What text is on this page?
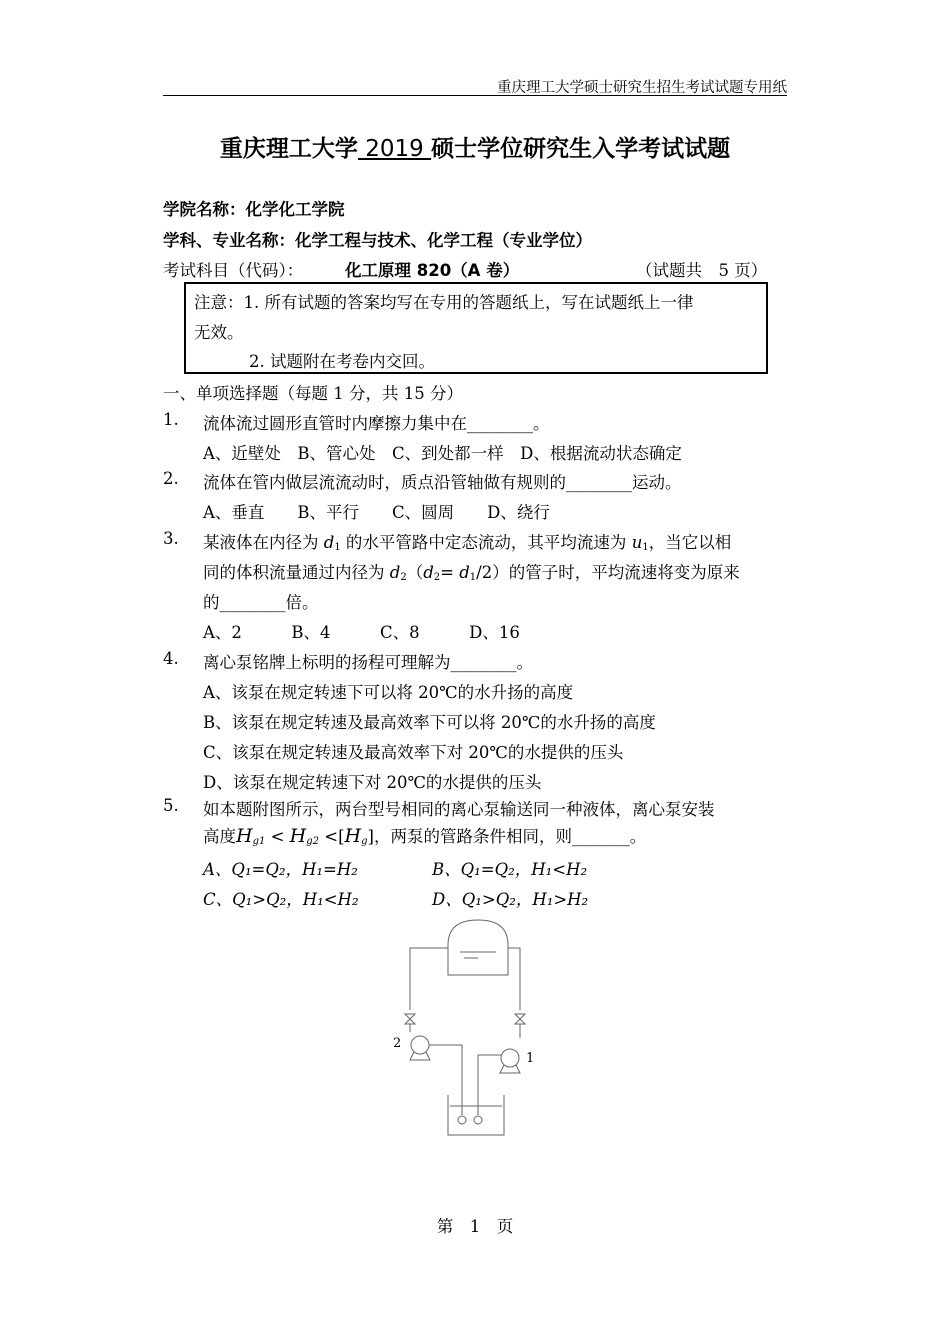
重庆理工大学硕士研究生招生考试试题专用纸
重庆理工大学 2019 硕士学位研究生入学考试试题
学院名称：化学化工学院
学科、专业名称：化学工程与技术、化学工程（专业学位）
考试科目（代码）：	化工原理 820（A 卷）	（试题共　5 页）
注意：1. 所有试题的答案均写在专用的答题纸上，写在试题纸上一律
无效。
2. 试题附在考卷内交回。
一、单项选择题（每题 1 分，共 15 分）
1. 流体流过圆形直管时内摩擦力集中在________。
A、近壁处　B、管心处　C、到处都一样　D、根据流动状态确定
2. 流体在管内做层流流动时，质点沿管轴做有规则的________运动。
A、垂直　　B、平行　　C、圆周　　D、绕行
3. 某液体在内径为 $d_1$ 的水平管路中定态流动，其平均流速为 $u_1$，当它以相
同的体积流量通过内径为 $d_2(d_2= d_1/2)$的管子时，平均流速将变为原来
的________倍。
A、2　　　B、4　　　C、8　　　D、16
4. 离心泵铭牌上标明的扬程可理解为________。
A、该泵在规定转速下可以将 20℃的水升扬的高度
B、该泵在规定转速及最高效率下可以将 20℃的水升扬的高度
C、该泵在规定转速及最高效率下对 20℃的水提供的压头
D、该泵在规定转速下对 20℃的水提供的压头
5. 如本题附图所示，两台型号相同的离心泵输送同一种液体，离心泵安装
高度$H_{g1} < H_{g2} <[H_g]$，两泵的管路条件相同，则_______。
A、Q₁=Q₂，H₁=H₂	B、Q₁=Q₂，H₁<H₂
C、Q₁>Q₂，H₁<H₂	D、Q₁>Q₂，H₁>H₂
2
1
第　1　页
